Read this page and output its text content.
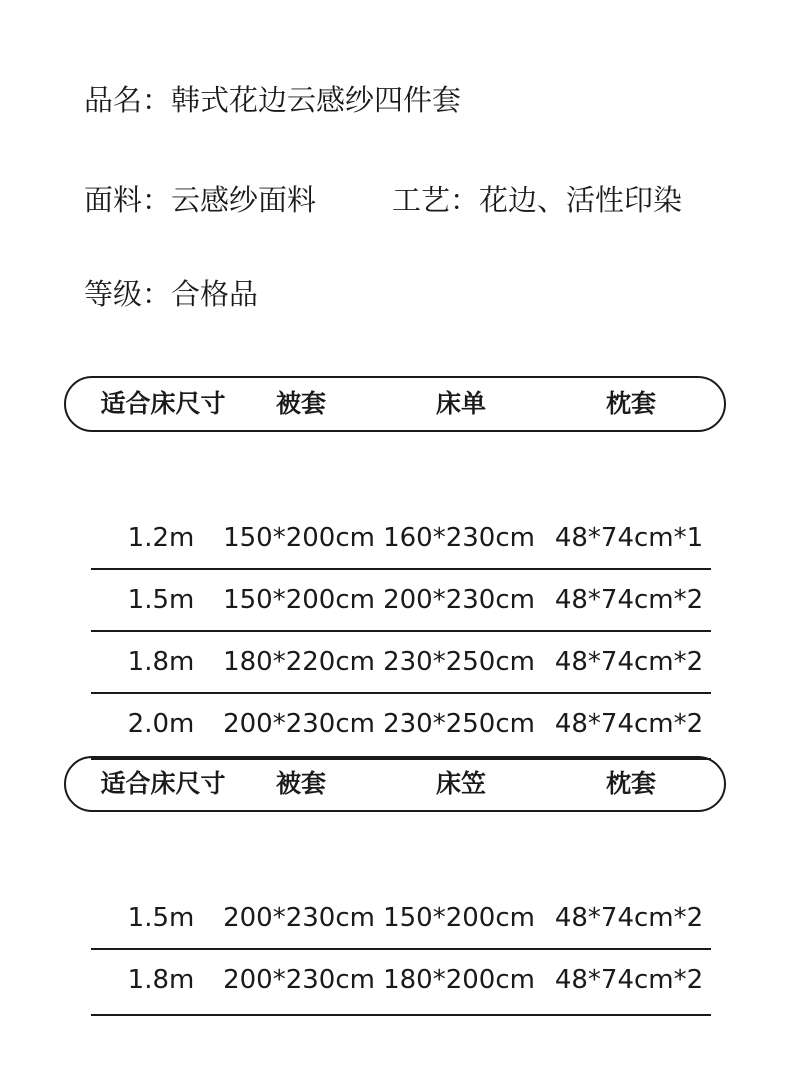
品名：韩式花边云感纱四件套
面料：云感纱面料	工艺：花边、活性印染
等级：合格品
适合床尺寸	被套	床单	枕套
1.2m	150*200cm 160*230cm 48*74cm*1
1.5m	150*200cm 200*230cm 48*74cm*2
1.8m	180*220cm 230*250cm 48*74cm*2
2.0m	200*230cm 230*250cm 48*74cm*2
适合床尺寸	被套	床笠	枕套
1.5m	200*230cm 150*200cm 48*74cm*2
1.8m	200*230cm 180*200cm 48*74cm*2
